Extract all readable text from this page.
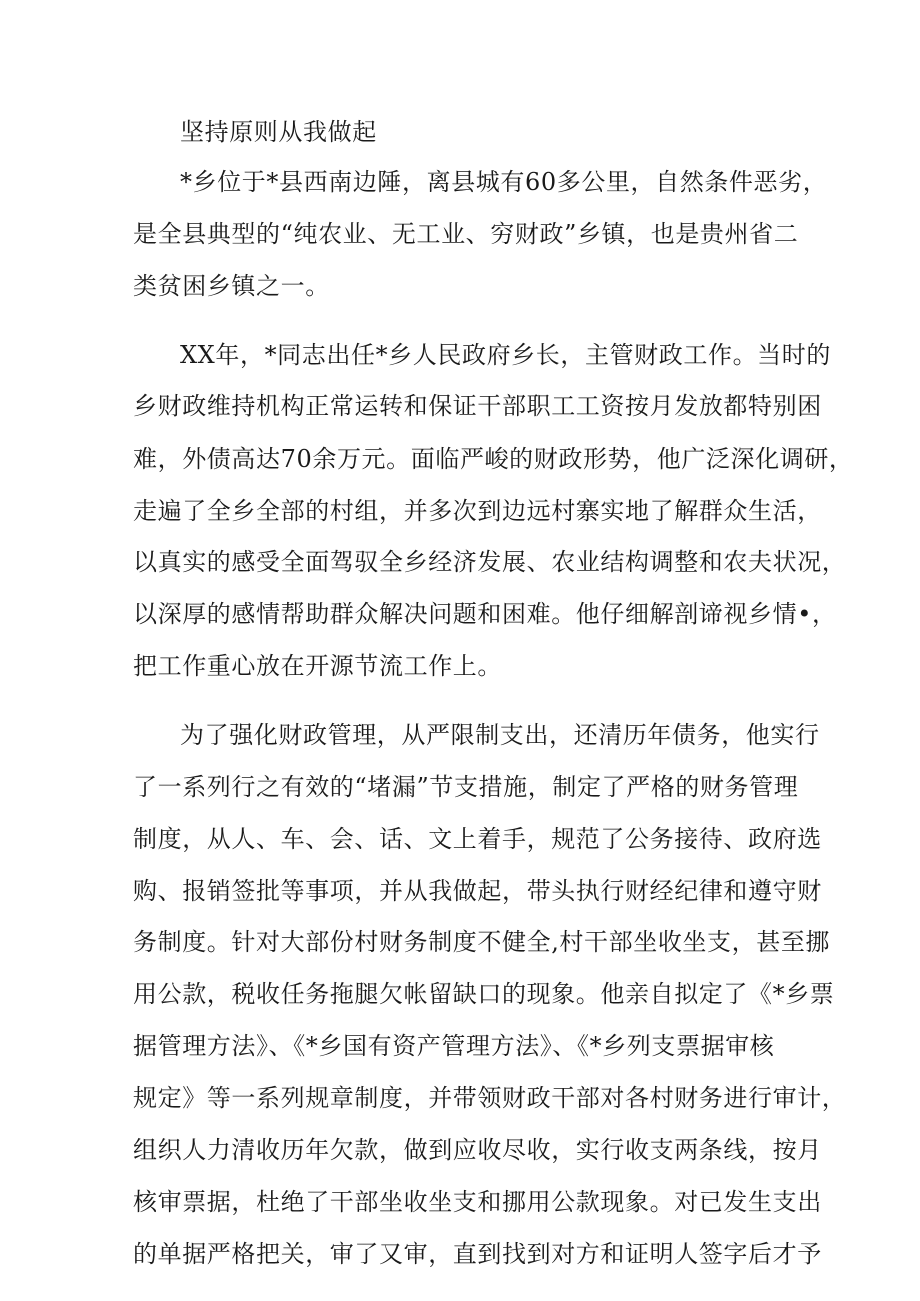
坚持原则从我做起

*乡位于*县西南边陲，离县城有60多公里，自然条件恶劣，

是全县典型的“纯农业、无工业、穷财政”乡镇，也是贵州省二

类贫困乡镇之一。

XX年，*同志出任*乡人民政府乡长，主管财政工作。当时的

乡财政维持机构正常运转和保证干部职工工资按月发放都特别困

难，外债高达70余万元。面临严峻的财政形势，他广泛深化调研，

走遍了全乡全部的村组，并多次到边远村寨实地了解群众生活，

以真实的感受全面驾驭全乡经济发展、农业结构调整和农夫状况，

以深厚的感情帮助群众解决问题和困难。他仔细解剖谛视乡情•，

把工作重心放在开源节流工作上。

为了强化财政管理，从严限制支出，还清历年债务，他实行

了一系列行之有效的“堵漏”节支措施，制定了严格的财务管理

制度，从人、车、会、话、文上着手，规范了公务接待、政府选

购、报销签批等事项，并从我做起，带头执行财经纪律和遵守财

务制度。针对大部份村财务制度不健全,村干部坐收坐支，甚至挪

用公款，税收任务拖腿欠帐留缺口的现象。他亲自拟定了《*乡票

据管理方法》、《*乡国有资产管理方法》、《*乡列支票据审核

规定》等一系列规章制度，并带领财政干部对各村财务进行审计，

组织人力清收历年欠款，做到应收尽收，实行收支两条线，按月

核审票据，杜绝了干部坐收坐支和挪用公款现象。对已发生支出

的单据严格把关，审了又审，直到找到对方和证明人签字后才予
